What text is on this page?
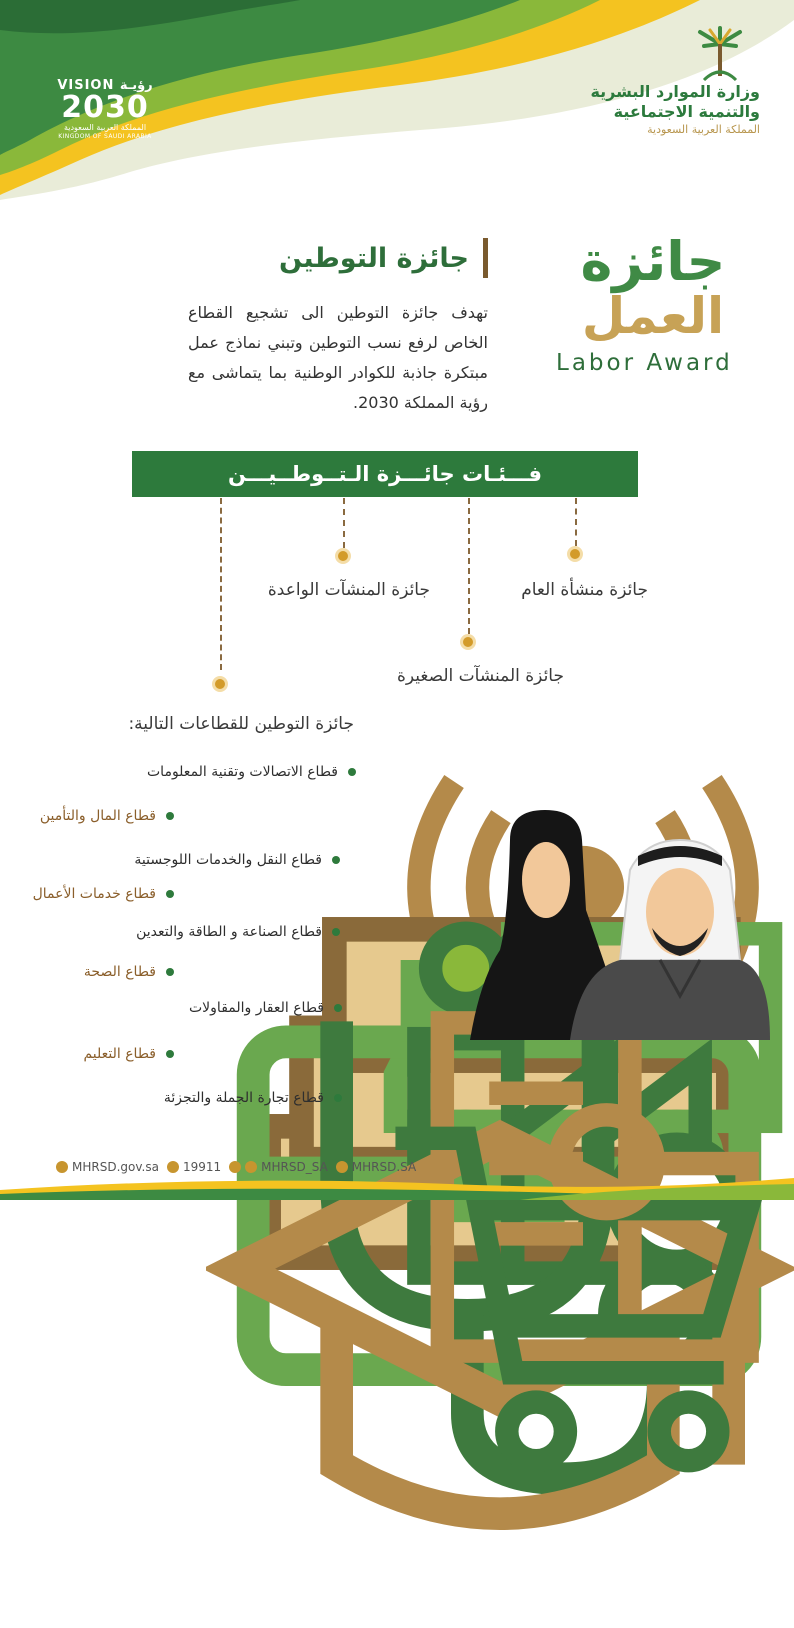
VISION رؤيـة
2030
المملكة العربية السعودية
KINGDOM OF SAUDI ARABIA
وزارة الموارد البشرية
والتنمية الاجتماعية
المملكة العربية السعودية
جائزة التوطين
تهدف جائزة التوطين الى تشجيع القطاع الخاص لرفع نسب التوطين وتبني نماذج عمل مبتكرة جاذبة للكوادر الوطنية بما يتماشى مع رؤية المملكة 2030.
جائزة
العمل
Labor Award
فـــئـات جائـــزة الـتــوطــيـــن
جائزة منشأة العام
جائزة المنشآت الواعدة
جائزة المنشآت الصغيرة
جائزة التوطين للقطاعات التالية:
قطاع الاتصالات وتقنية المعلومات
قطاع المال والتأمين
قطاع النقل والخدمات اللوجستية
قطاع خدمات الأعمال
قطاع الصناعة و الطاقة والتعدين
قطاع الصحة
قطاع العقار والمقاولات
قطاع التعليم
قطاع تجارة الجملة والتجزئة
MHRSD.gov.sa 19911	MHRSD_SA MHRSD.SA
